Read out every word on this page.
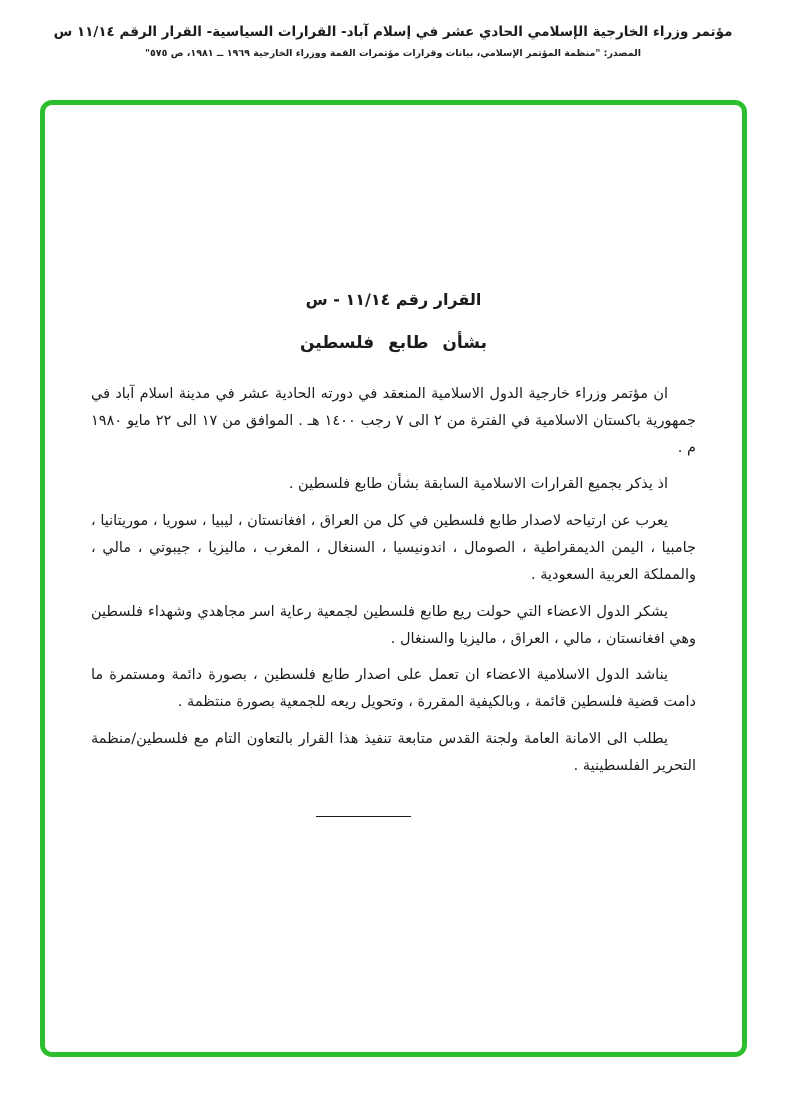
مؤتمر وزراء الخارجية الإسلامي الحادي عشر في إسلام آباد- القرارات السياسية- القرار الرقم ١١/١٤ س
المصدر: "منظمة المؤتمر الإسلامي، بيانات وقرارات مؤتمرات القمة ووزراء الخارجية ١٩٦٩ ــ ١٩٨١، ص ٥٧٥"
القرار رقم ١١/١٤ - س
بشأن طابع فلسطين

ان مؤتمر وزراء خارجية الدول الاسلامية المنعقد في دورته الحادية عشر في مدينة اسلام آباد في جمهورية باكستان الاسلامية في الفترة من ٢ الى ٧ رجب ١٤٠٠ هـ . الموافق من ١٧ الى ٢٢ مايو ١٩٨٠ م .

اذ يذكر بجميع القرارات الاسلامية السابقة بشأن طابع فلسطين .

يعرب عن ارتياحه لاصدار طابع فلسطين في كل من العراق ، افغانستان ، ليبيا ، سوريا ، موريتانيا ، جامبيا ، اليمن الديمقراطية ، الصومال ، اندونيسيا ، السنغال ، المغرب ، ماليزيا ، جيبوتي ، مالي ، والمملكة العربية السعودية .

يشكر الدول الاعضاء التي حولت ريع طابع فلسطين لجمعية رعاية اسر مجاهدي وشهداء فلسطين وهي افغانستان ، مالي ، العراق ، ماليزيا والسنغال .

يناشد الدول الاسلامية الاعضاء ان تعمل على اصدار طابع فلسطين ، بصورة دائمة ومستمرة ما دامت قضية فلسطين قائمة ، وبالكيفية المقررة ، وتحويل ريعه للجمعية بصورة منتظمة .

يطلب الى الامانة العامة ولجنة القدس متابعة تنفيذ هذا القرار بالتعاون التام مع فلسطين/منظمة التحرير الفلسطينية .
